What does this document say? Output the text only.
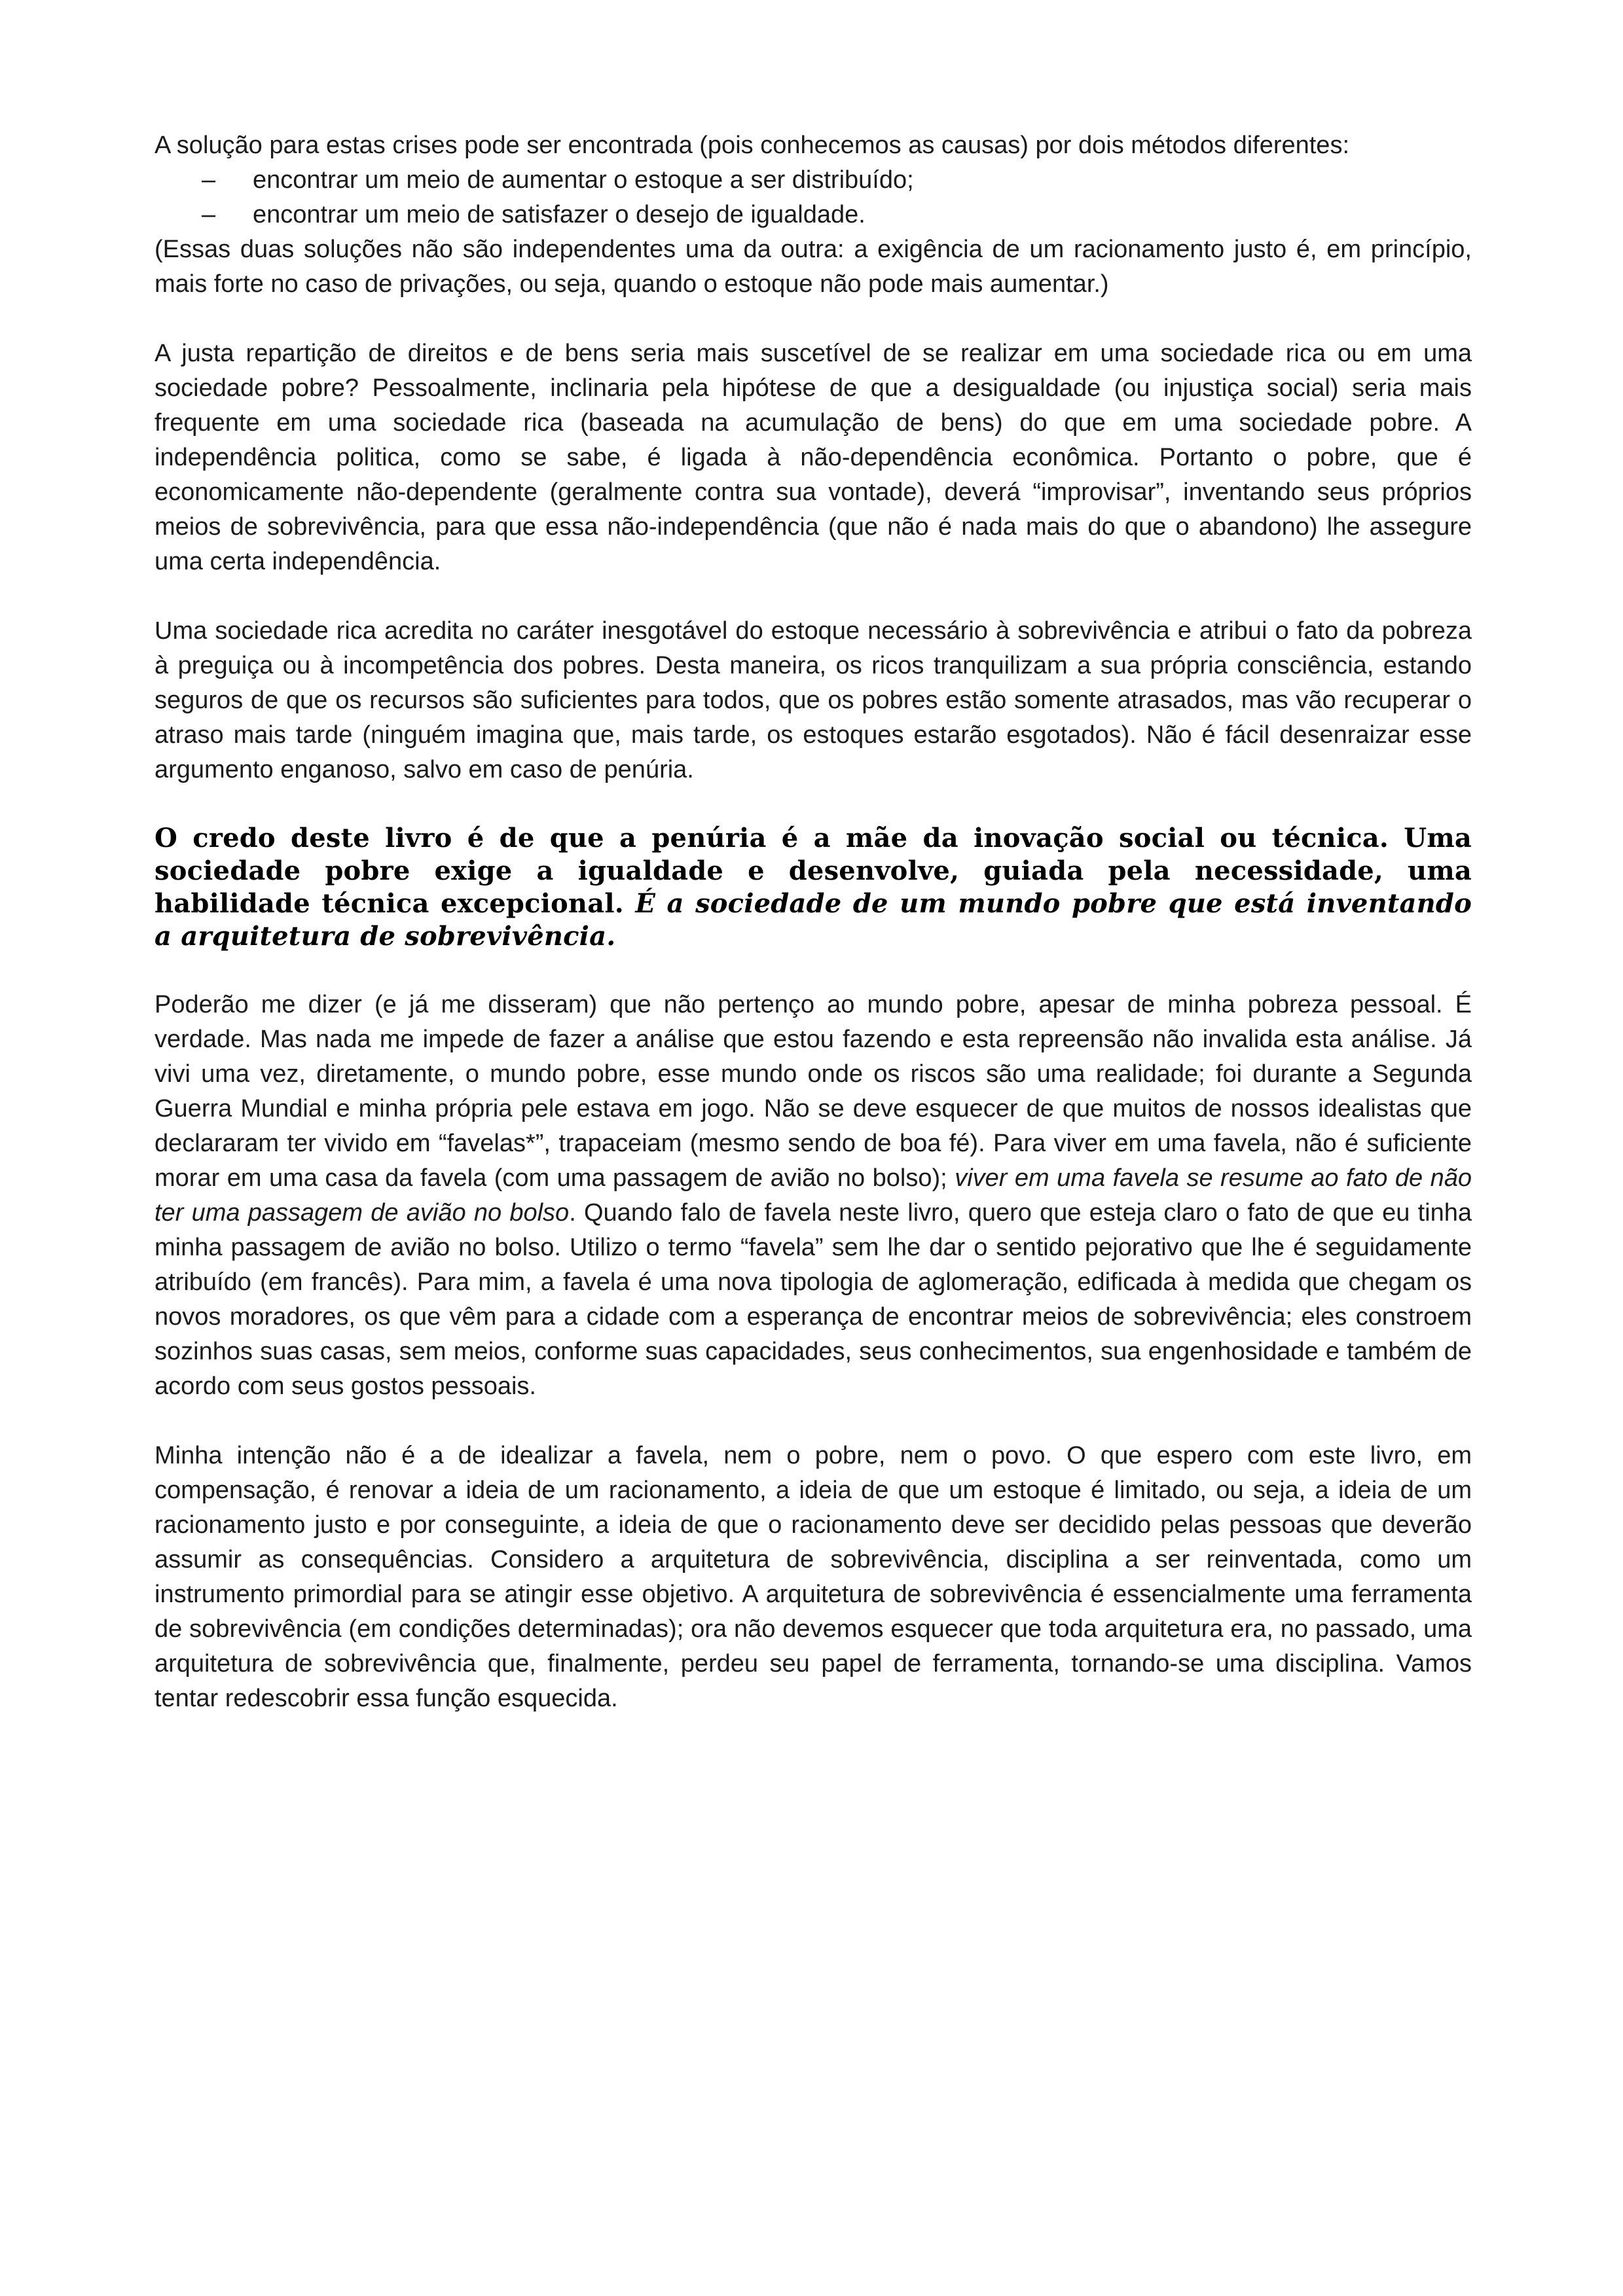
A solução para estas crises pode ser encontrada (pois conhecemos as causas) por dois métodos diferentes:

– encontrar um meio de aumentar o estoque a ser distribuído;
– encontrar um meio de satisfazer o desejo de igualdade.

(Essas duas soluções não são independentes uma da outra: a exigência de um racionamento justo é, em princípio, mais forte no caso de privações, ou seja, quando o estoque não pode mais aumentar.)

A justa repartição de direitos e de bens seria mais suscetível de se realizar em uma sociedade rica ou em uma sociedade pobre? Pessoalmente, inclinaria pela hipótese de que a desigualdade (ou injustiça social) seria mais frequente em uma sociedade rica (baseada na acumulação de bens) do que em uma sociedade pobre. A independência politica, como se sabe, é ligada à não-dependência econômica. Portanto o pobre, que é economicamente não-dependente (geralmente contra sua vontade), deverá “improvisar”, inventando seus próprios meios de sobrevivência, para que essa não-independência (que não é nada mais do que o abandono) lhe assegure uma certa independência.

Uma sociedade rica acredita no caráter inesgotável do estoque necessário à sobrevivência e atribui o fato da pobreza à preguiça ou à incompetência dos pobres. Desta maneira, os ricos tranquilizam a sua própria consciência, estando seguros de que os recursos são suficientes para todos, que os pobres estão somente atrasados, mas vão recuperar o atraso mais tarde (ninguém imagina que, mais tarde, os estoques estarão esgotados). Não é fácil desenraizar esse argumento enganoso, salvo em caso de penúria.

O credo deste livro é de que a penúria é a mãe da inovação social ou técnica. Uma sociedade pobre exige a igualdade e desenvolve, guiada pela necessidade, uma habilidade técnica excepcional. É a sociedade de um mundo pobre que está inventando a arquitetura de sobrevivência.

Poderão me dizer (e já me disseram) que não pertenço ao mundo pobre, apesar de minha pobreza pessoal. É verdade. Mas nada me impede de fazer a análise que estou fazendo e esta repreensão não invalida esta análise. Já vivi uma vez, diretamente, o mundo pobre, esse mundo onde os riscos são uma realidade; foi durante a Segunda Guerra Mundial e minha própria pele estava em jogo. Não se deve esquecer de que muitos de nossos idealistas que declararam ter vivido em “favelas*”, trapaceiam (mesmo sendo de boa fé). Para viver em uma favela, não é suficiente morar em uma casa da favela (com uma passagem de avião no bolso); viver em uma favela se resume ao fato de não ter uma passagem de avião no bolso. Quando falo de favela neste livro, quero que esteja claro o fato de que eu tinha minha passagem de avião no bolso. Utilizo o termo “favela” sem lhe dar o sentido pejorativo que lhe é seguidamente atribuído (em francês). Para mim, a favela é uma nova tipologia de aglomeração, edificada à medida que chegam os novos moradores, os que vêm para a cidade com a esperança de encontrar meios de sobrevivência; eles constroem sozinhos suas casas, sem meios, conforme suas capacidades, seus conhecimentos, sua engenhosidade e também de acordo com seus gostos pessoais.

Minha intenção não é a de idealizar a favela, nem o pobre, nem o povo. O que espero com este livro, em compensação, é renovar a ideia de um racionamento, a ideia de que um estoque é limitado, ou seja, a ideia de um racionamento justo e por conseguinte, a ideia de que o racionamento deve ser decidido pelas pessoas que deverão assumir as consequências. Considero a arquitetura de sobrevivência, disciplina a ser reinventada, como um instrumento primordial para se atingir esse objetivo. A arquitetura de sobrevivência é essencialmente uma ferramenta de sobrevivência (em condições determinadas); ora não devemos esquecer que toda arquitetura era, no passado, uma arquitetura de sobrevivência que, finalmente, perdeu seu papel de ferramenta, tornando-se uma disciplina. Vamos tentar redescobrir essa função esquecida.
